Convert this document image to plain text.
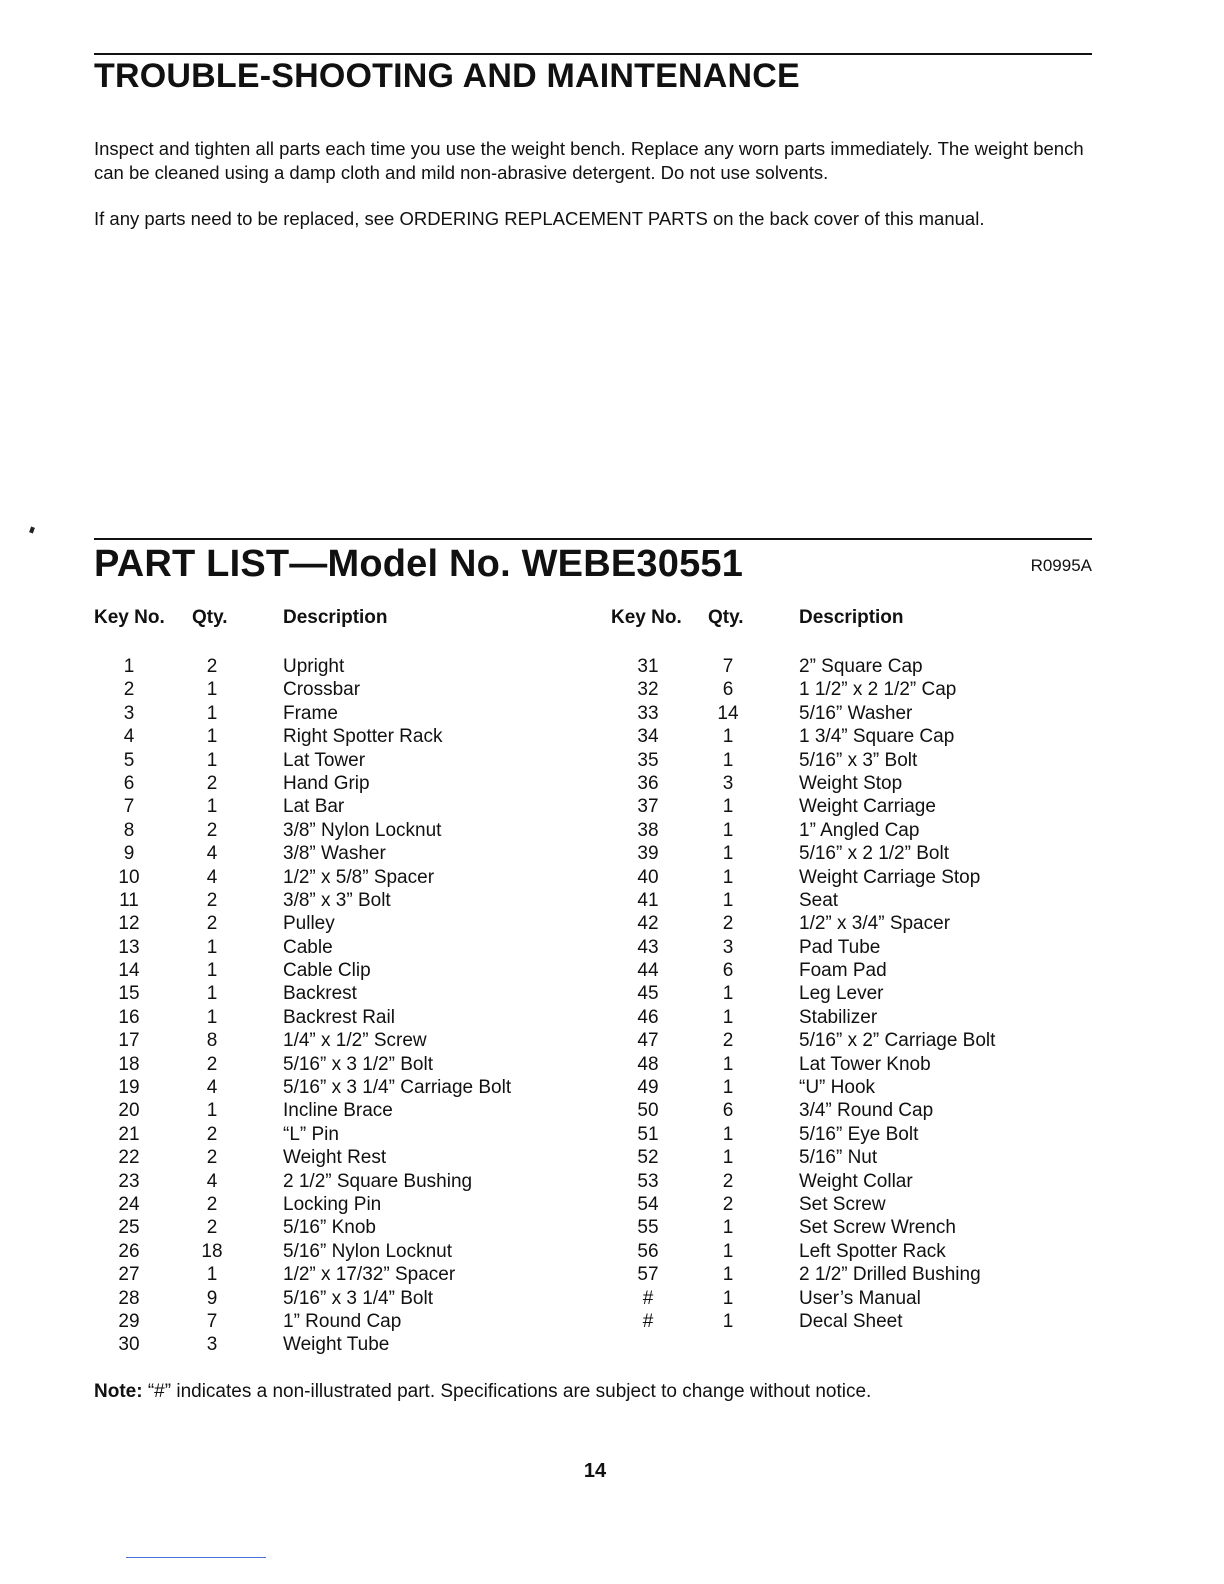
TROUBLE-SHOOTING AND MAINTENANCE

Inspect and tighten all parts each time you use the weight bench. Replace any worn parts immediately. The weight bench can be cleaned using a damp cloth and mild non-abrasive detergent. Do not use solvents.

If any parts need to be replaced, see ORDERING REPLACEMENT PARTS on the back cover of this manual.

PART LIST—Model No. WEBE30551	R0995A
Key No. Qty.	Description
1	2	Upright
2	1	Crossbar
3	1	Frame
4	1	Right Spotter Rack
5	1	Lat Tower
6	2	Hand Grip
7	1	Lat Bar
8	2	3/8” Nylon Locknut
9	4	3/8” Washer
10	4	1/2” x 5/8” Spacer
11	2	3/8” x 3” Bolt
12	2	Pulley
13	1	Cable
14	1	Cable Clip
15	1	Backrest
16	1	Backrest Rail
17	8	1/4” x 1/2” Screw
18	2	5/16” x 3 1/2” Bolt
19	4	5/16” x 3 1/4” Carriage Bolt
20	1	Incline Brace
21	2	“L” Pin
22	2	Weight Rest
23	4	2 1/2” Square Bushing
24	2	Locking Pin
25	2	5/16” Knob
26	18	5/16” Nylon Locknut
27	1	1/2” x 17/32” Spacer
28	9	5/16” x 3 1/4” Bolt
29	7	1” Round Cap
30	3	Weight Tube
Key No. Qty.	Description
31	7	2” Square Cap
32	6	1 1/2” x 2 1/2” Cap
33	14	5/16” Washer
34	1	1 3/4” Square Cap
35	1	5/16” x 3” Bolt
36	3	Weight Stop
37	1	Weight Carriage
38	1	1” Angled Cap
39	1	5/16” x 2 1/2” Bolt
40	1	Weight Carriage Stop
41	1	Seat
42	2	1/2” x 3/4” Spacer
43	3	Pad Tube
44	6	Foam Pad
45	1	Leg Lever
46	1	Stabilizer
47	2	5/16” x 2” Carriage Bolt
48	1	Lat Tower Knob
49	1	“U” Hook
50	6	3/4” Round Cap
51	1	5/16” Eye Bolt
52	1	5/16” Nut
53	2	Weight Collar
54	2	Set Screw
55	1	Set Screw Wrench
56	1	Left Spotter Rack
57	1	2 1/2” Drilled Bushing
#	1	User’s Manual
#	1	Decal Sheet

Note: “#” indicates a non-illustrated part. Specifications are subject to change without notice.

14
